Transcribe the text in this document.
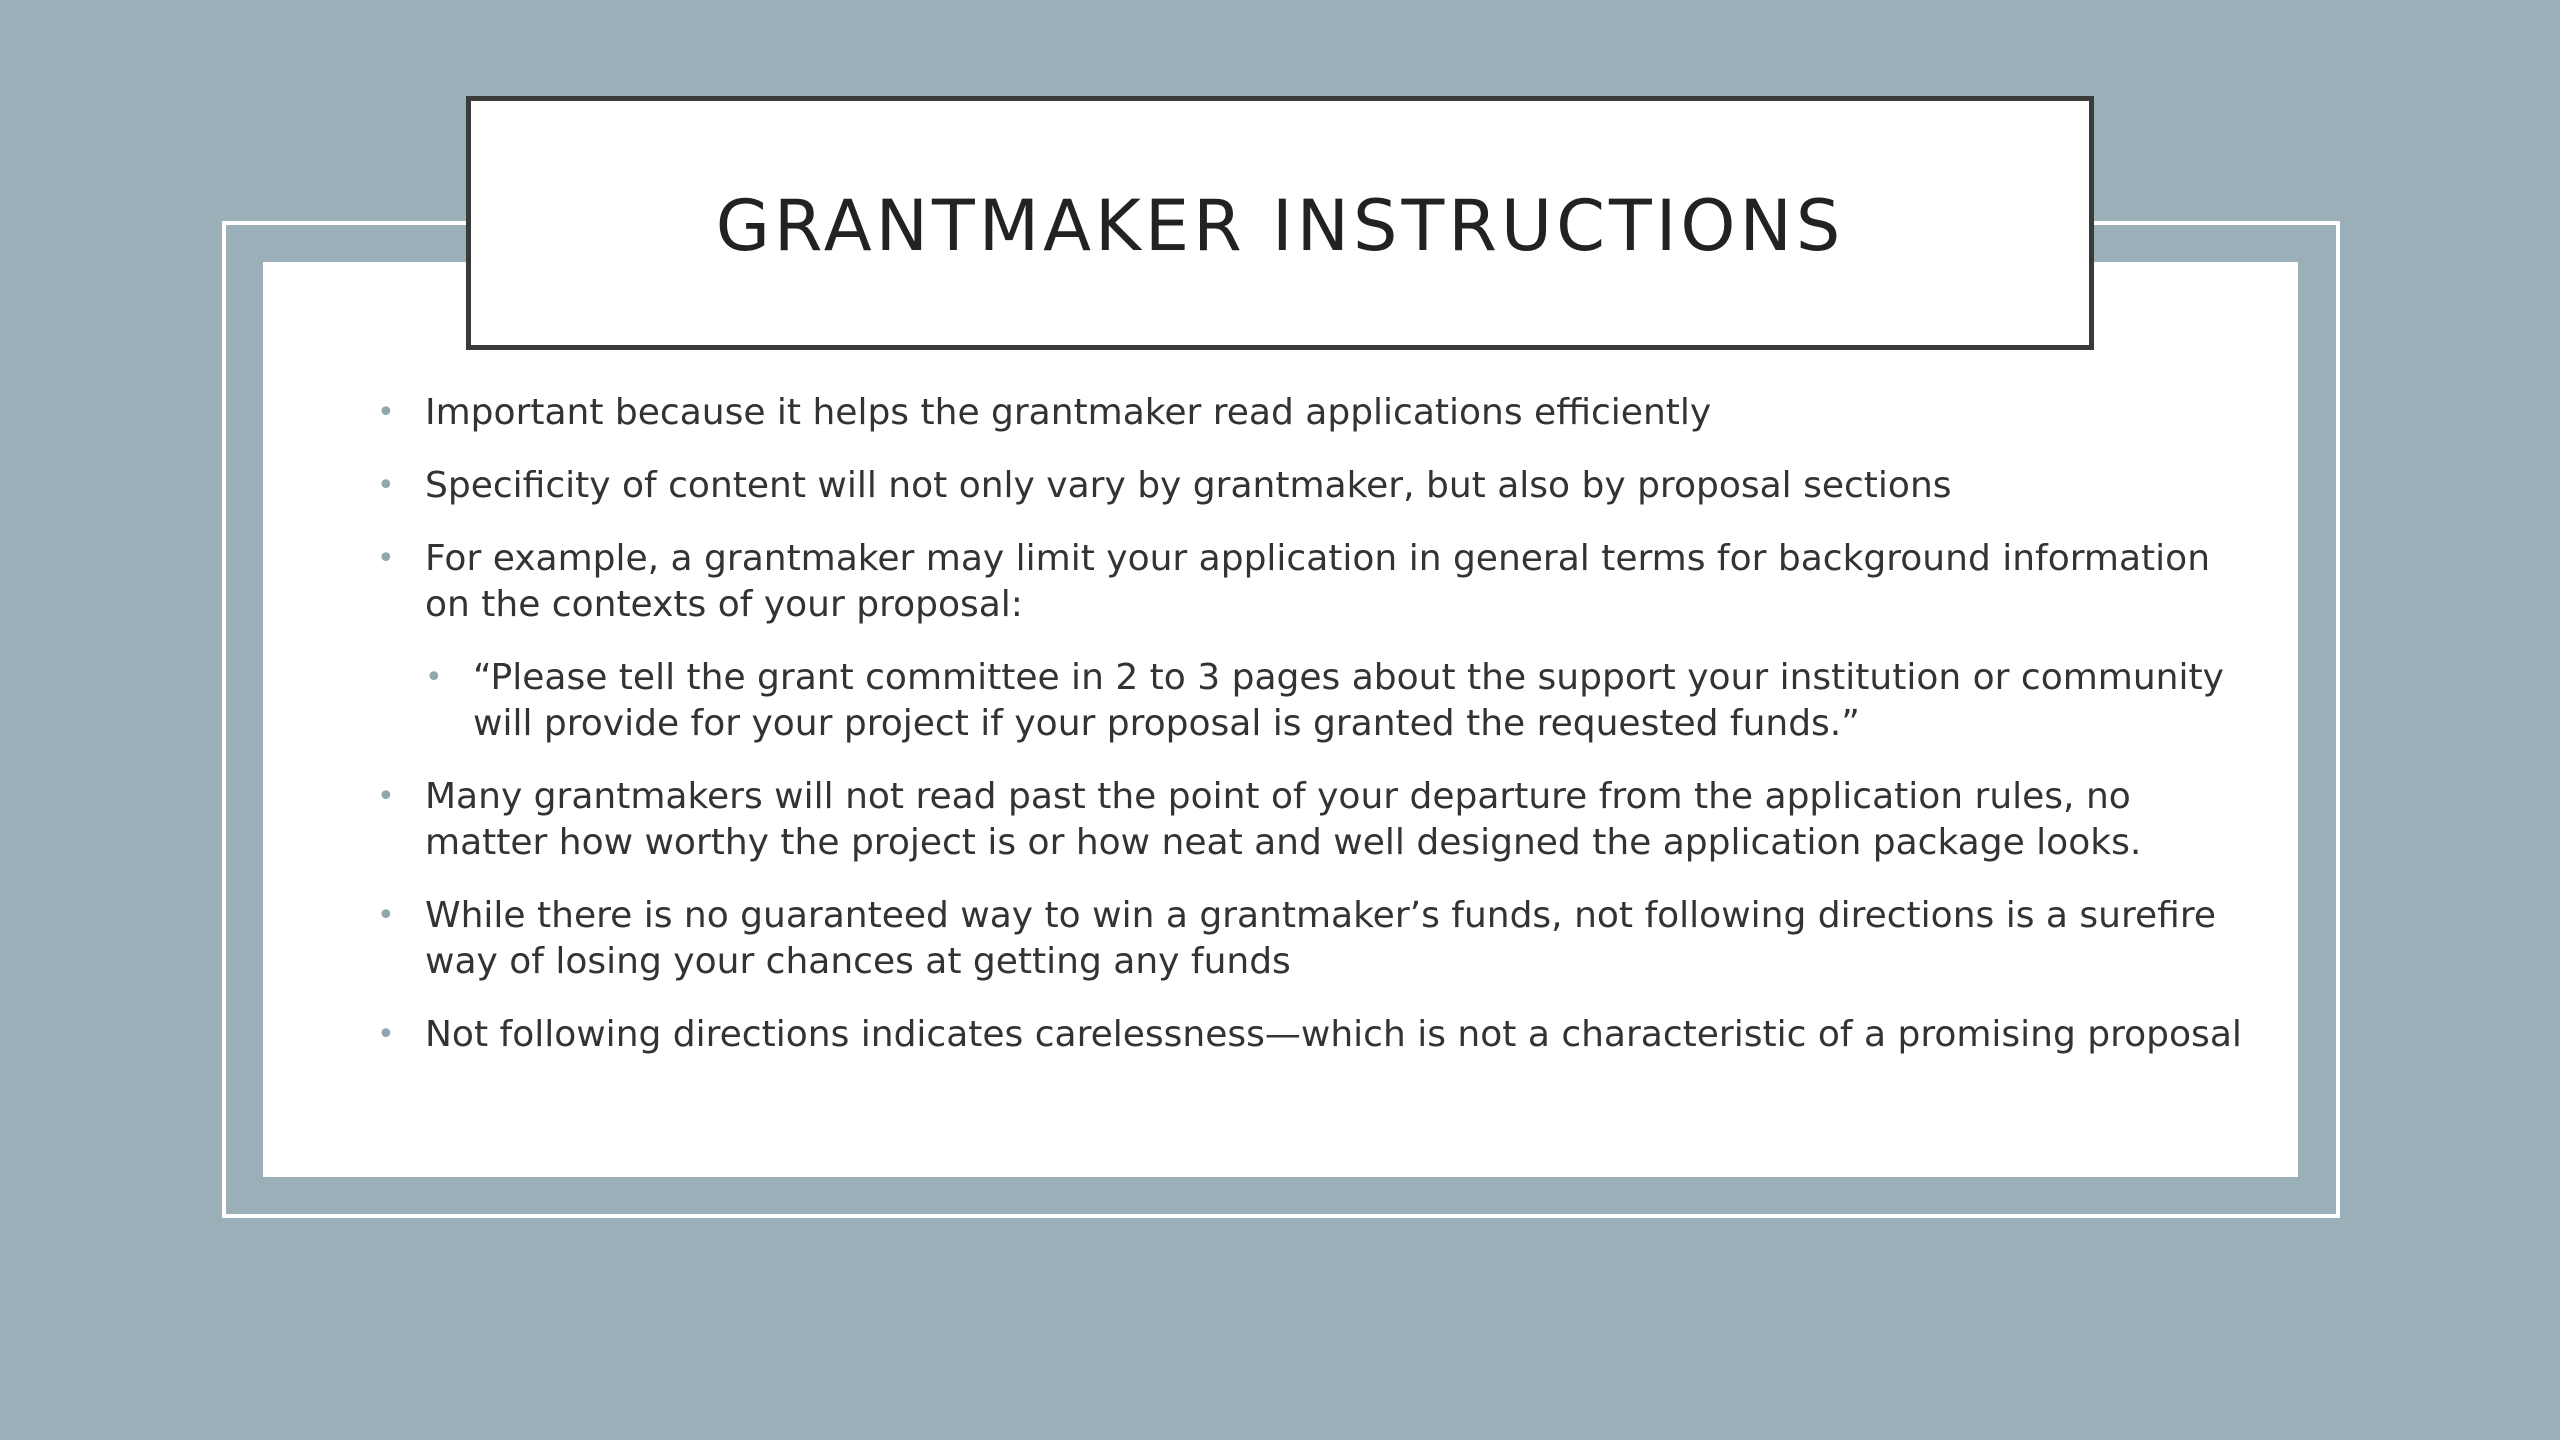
GRANTMAKER INSTRUCTIONS
• Important because it helps the grantmaker read applications efficiently
• Specificity of content will not only vary by grantmaker, but also by proposal sections
• For example, a grantmaker may limit your application in general terms for background information on the contexts of your proposal:
• “Please tell the grant committee in 2 to 3 pages about the support your institution or community will provide for your project if your proposal is granted the requested funds.”
• Many grantmakers will not read past the point of your departure from the application rules, no matter how worthy the project is or how neat and well designed the application package looks.
• While there is no guaranteed way to win a grantmaker’s funds, not following directions is a surefire way of losing your chances at getting any funds
• Not following directions indicates carelessness—which is not a characteristic of a promising proposal
